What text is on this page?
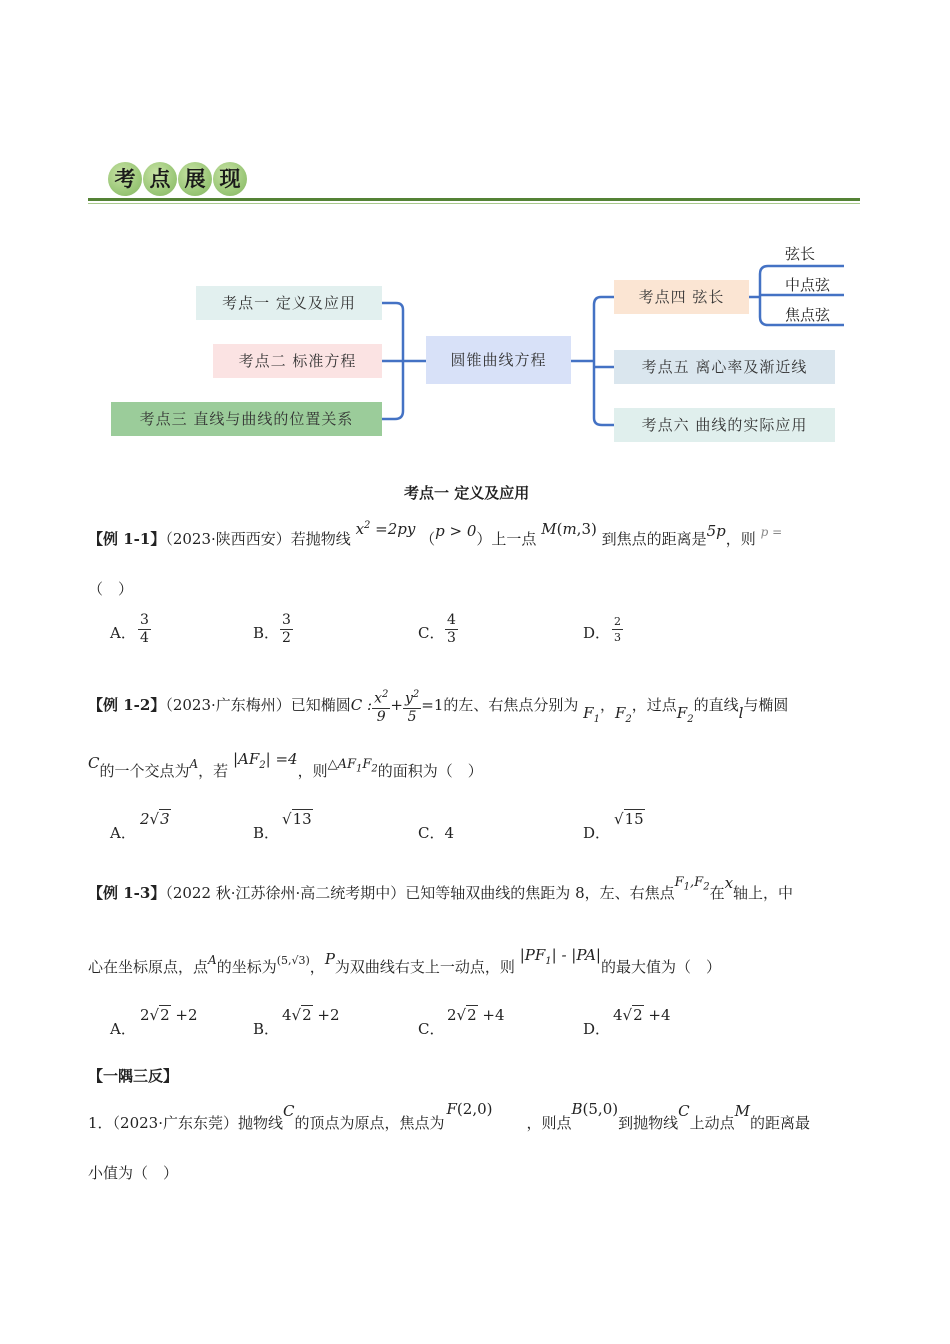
考 点 展 现
考点一 定义及应用
考点二 标准方程
考点三 直线与曲线的位置关系
圆锥曲线方程
考点四 弦长
考点五 离心率及渐近线
考点六 曲线的实际应用
弦长
中点弦
焦点弦
考点一 定义及应用
【例 1-1】（2023·陕西西安）若抛物线 $x^2 =2py$ （p > 0）上一点 M(m,3) 到焦点的距离是5p，则 $^{p =}$
（　）
A． $\frac{3}{4}$	B． $\frac{3}{2}$	C． $\frac{4}{3}$	D． $\frac{2}{3}$
【例 1-2】（2023·广东梅州）已知椭圆C : $\frac{x^2}{9} + \frac{y^2}{5} =1$的左、右焦点分别为 $F_1$，$F_2$，过点$F_2$的直线l与椭圆
C的一个交点为$^A$，若 $|AF_2| =4$，则$\triangle AF_1F_2$的面积为（　）
A．
2√3
B．
√13
C．4	D．
√15
【例 1-3】（2022 秋·江苏徐州·高二统考期中）已知等轴双曲线的焦距为 8，左、右焦点$F_1,F_2$在x轴上，中
心在坐标原点，点$^A$的坐标为$^{(5,√3)}$，P为双曲线右支上一动点，则 $|PF_1| - |PA|$的最大值为（　）
A．
2√2 +2
B．
4√2 +2
C．
2√2 +4
D．
4√2 +4
【一隅三反】
1．（2023·广东东莞）抛物线C的顶点为原点，焦点为F(2,0)，则点B(5,0)到抛物线C上动点M的距离最
小值为（　）
